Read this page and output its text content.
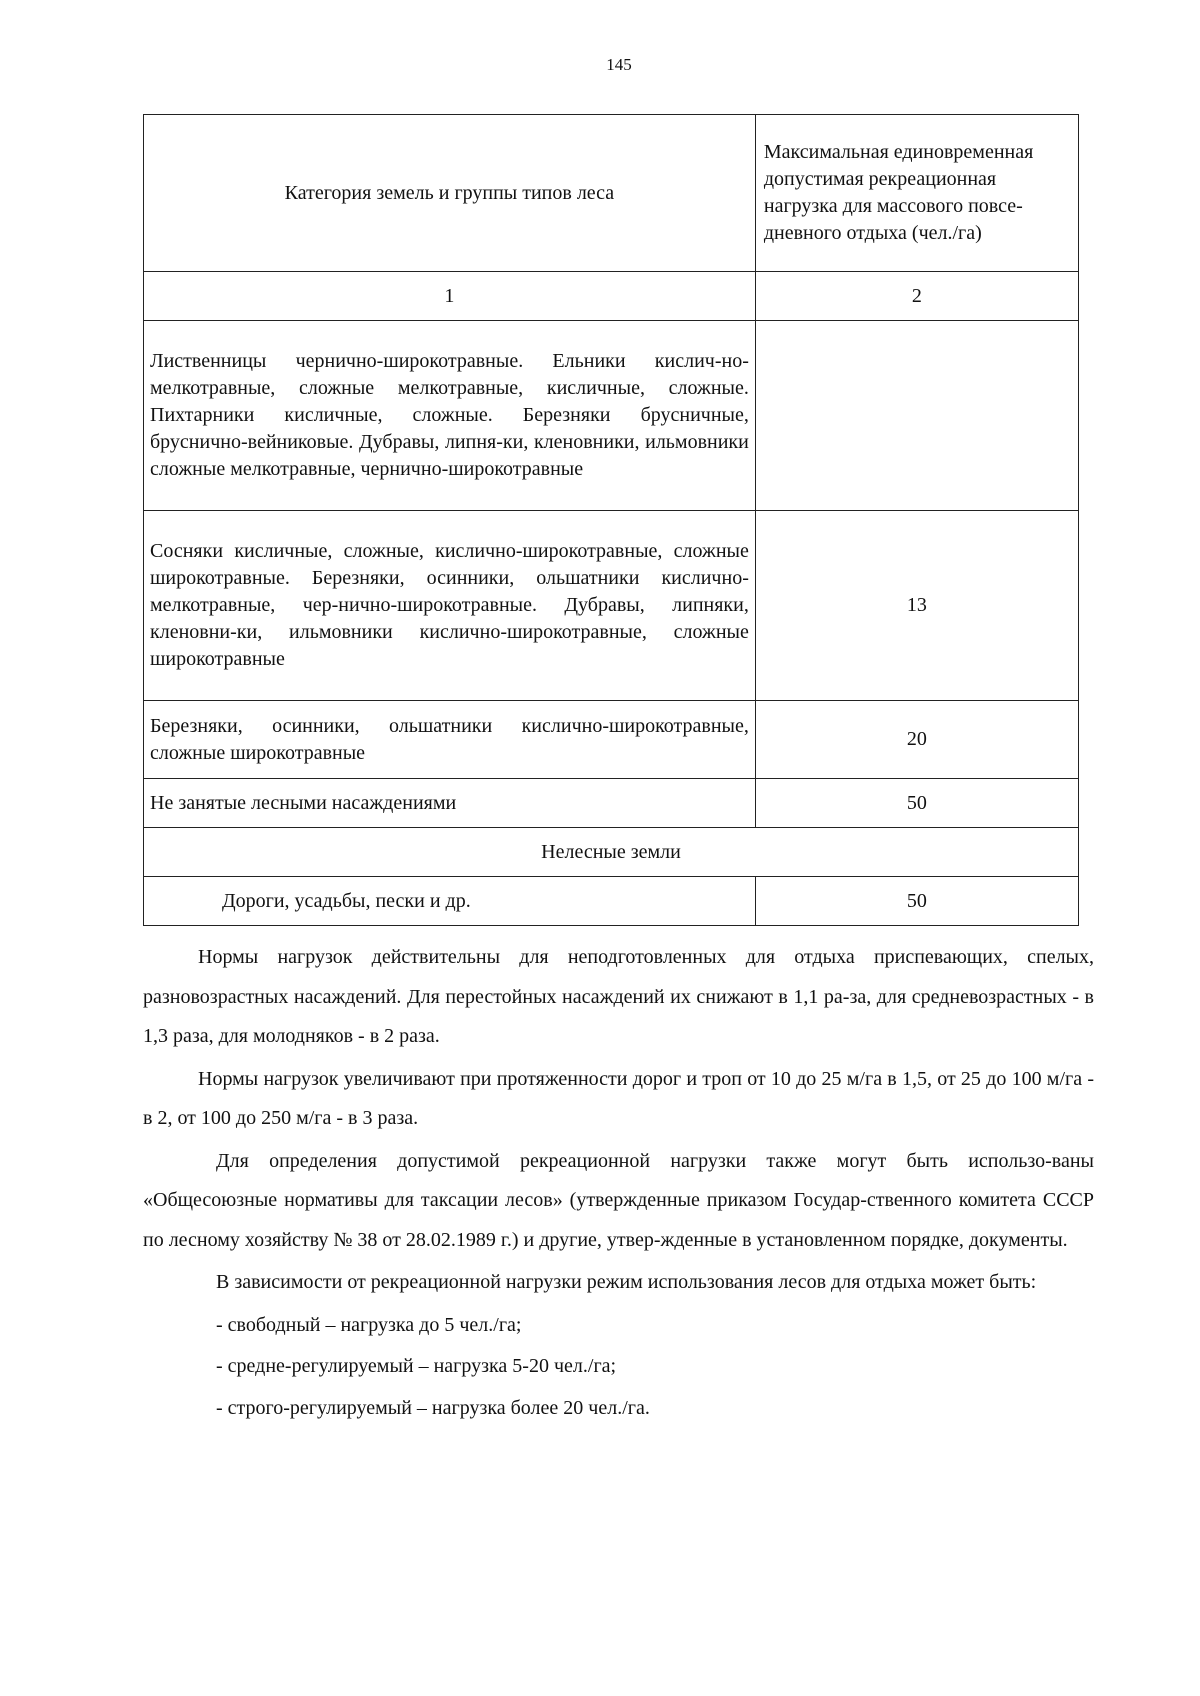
145
Категория земель и группы типов леса	Максимальная единовременная допустимая рекреационная нагрузка для массового повсе-дневного отдыха (чел./га)
1	2
Лиственницы чернично-широкотравные. Ельники кислич-но-мелкотравные, сложные мелкотравные, кисличные, сложные. Пихтарники кисличные, сложные. Березняки брусничные, бруснично-вейниковые. Дубравы, липня-ки, кленовники, ильмовники сложные мелкотравные, чернично-широкотравные	
Сосняки кисличные, сложные, кислично-широкотравные, сложные широкотравные. Березняки, осинники, ольшатники кислично-мелкотравные, чер-нично-широкотравные. Дубравы, липняки, кленовни-ки, ильмовники кислично-широкотравные, сложные широкотравные	13
Березняки, осинники, ольшатники кислично-широкотравные, сложные широкотравные	20
Не занятые лесными насаждениями	50
Нелесные земли	
Дороги, усадьбы, пески и др.	50

Нормы нагрузок действительны для неподготовленных для отдыха приспевающих, спелых, разновозрастных насаждений. Для перестойных насаждений их снижают в 1,1 ра-за, для средневозрастных - в 1,3 раза, для молодняков - в 2 раза.

Нормы нагрузок увеличивают при протяженности дорог и троп от 10 до 25 м/га в 1,5, от 25 до 100 м/га - в 2, от 100 до 250 м/га - в 3 раза.

Для определения допустимой рекреационной нагрузки также могут быть использо-ваны «Общесоюзные нормативы для таксации лесов» (утвержденные приказом Государ-ственного комитета СССР по лесному хозяйству № 38 от 28.02.1989 г.) и другие, утвер-жденные в установленном порядке, документы.

В зависимости от рекреационной нагрузки режим использования лесов для отдыха может быть:

- свободный – нагрузка до 5 чел./га;
- средне-регулируемый – нагрузка 5-20 чел./га;
- строго-регулируемый – нагрузка более 20 чел./га.
